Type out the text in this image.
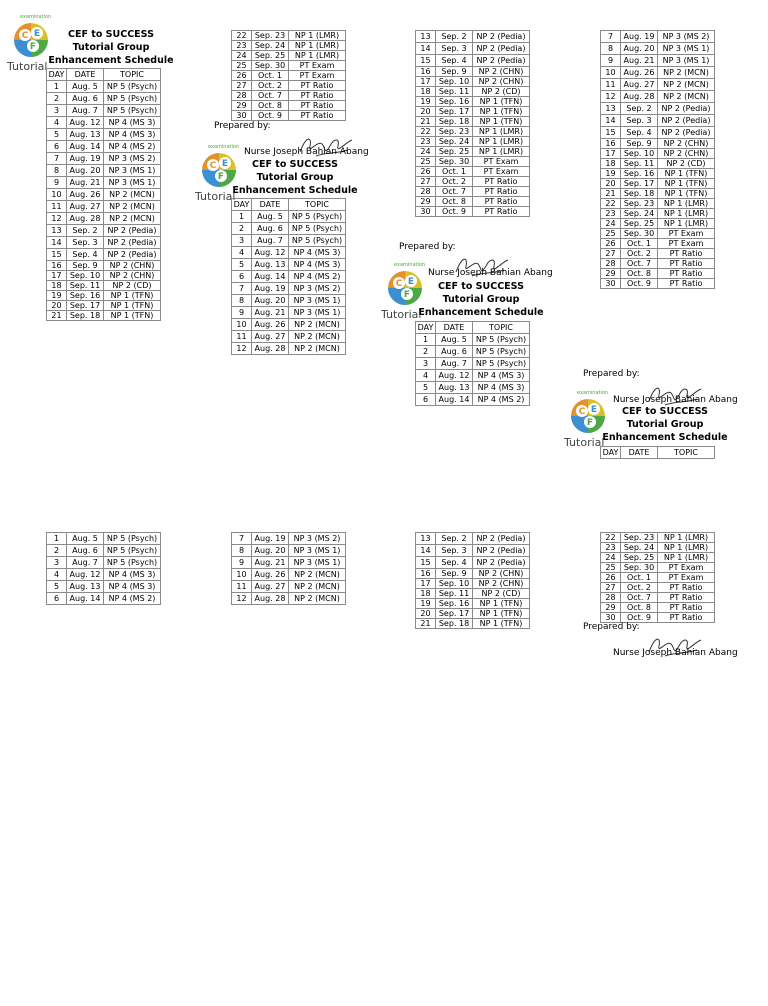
C E
F
examination
Tutorial
CEF to SUCCESS
Tutorial Group
Enhancement Schedule
DAY	DATE	TOPIC
1	Aug. 5	NP 5 (Psych)
2	Aug. 6	NP 5 (Psych)
3	Aug. 7	NP 5 (Psych)
4	Aug. 12	NP 4 (MS 3)
5	Aug. 13	NP 4 (MS 3)
6	Aug. 14	NP 4 (MS 2)
7	Aug. 19	NP 3 (MS 2)
8	Aug. 20	NP 3 (MS 1)
9	Aug. 21	NP 3 (MS 1)
10	Aug. 26	NP 2 (MCN)
11	Aug. 27	NP 2 (MCN)
12	Aug. 28	NP 2 (MCN)
13	Sep. 2	NP 2 (Pedia)
14	Sep. 3	NP 2 (Pedia)
15	Sep. 4	NP 2 (Pedia)
16	Sep. 9	NP 2 (CHN)
17	Sep. 10	NP 2 (CHN)
18	Sep. 11	NP 2 (CD)
19	Sep. 16	NP 1 (TFN)
20	Sep. 17	NP 1 (TFN)
21	Sep. 18	NP 1 (TFN)
22	Sep. 23	NP 1 (LMR)
23	Sep. 24	NP 1 (LMR)
24	Sep. 25	NP 1 (LMR)
25	Sep. 30	PT Exam
26	Oct. 1	PT Exam
27	Oct. 2	PT Ratio
28	Oct. 7	PT Ratio
29	Oct. 8	PT Ratio
30	Oct. 9	PT Ratio
Prepared by:
Nurse Joseph Bahian Abang
C E
F
examination
Tutorial
CEF to SUCCESS
Tutorial Group
Enhancement Schedule
DAY	DATE	TOPIC
1	Aug. 5	NP 5 (Psych)
2	Aug. 6	NP 5 (Psych)
3	Aug. 7	NP 5 (Psych)
4	Aug. 12	NP 4 (MS 3)
5	Aug. 13	NP 4 (MS 3)
6	Aug. 14	NP 4 (MS 2)
7	Aug. 19	NP 3 (MS 2)
8	Aug. 20	NP 3 (MS 1)
9	Aug. 21	NP 3 (MS 1)
10	Aug. 26	NP 2 (MCN)
11	Aug. 27	NP 2 (MCN)
12	Aug. 28	NP 2 (MCN)
13	Sep. 2	NP 2 (Pedia)
14	Sep. 3	NP 2 (Pedia)
15	Sep. 4	NP 2 (Pedia)
16	Sep. 9	NP 2 (CHN)
17	Sep. 10	NP 2 (CHN)
18	Sep. 11	NP 2 (CD)
19	Sep. 16	NP 1 (TFN)
20	Sep. 17	NP 1 (TFN)
21	Sep. 18	NP 1 (TFN)
22	Sep. 23	NP 1 (LMR)
23	Sep. 24	NP 1 (LMR)
24	Sep. 25	NP 1 (LMR)
25	Sep. 30	PT Exam
26	Oct. 1	PT Exam
27	Oct. 2	PT Ratio
28	Oct. 7	PT Ratio
29	Oct. 8	PT Ratio
30	Oct. 9	PT Ratio
Prepared by:
Nurse Joseph Bahian Abang
C E
F
examination
Tutorial
CEF to SUCCESS
Tutorial Group
Enhancement Schedule
DAY	DATE	TOPIC
1	Aug. 5	NP 5 (Psych)
2	Aug. 6	NP 5 (Psych)
3	Aug. 7	NP 5 (Psych)
4	Aug. 12	NP 4 (MS 3)
5	Aug. 13	NP 4 (MS 3)
6	Aug. 14	NP 4 (MS 2)
7	Aug. 19	NP 3 (MS 2)
8	Aug. 20	NP 3 (MS 1)
9	Aug. 21	NP 3 (MS 1)
10	Aug. 26	NP 2 (MCN)
11	Aug. 27	NP 2 (MCN)
12	Aug. 28	NP 2 (MCN)
13	Sep. 2	NP 2 (Pedia)
14	Sep. 3	NP 2 (Pedia)
15	Sep. 4	NP 2 (Pedia)
16	Sep. 9	NP 2 (CHN)
17	Sep. 10	NP 2 (CHN)
18	Sep. 11	NP 2 (CD)
19	Sep. 16	NP 1 (TFN)
20	Sep. 17	NP 1 (TFN)
21	Sep. 18	NP 1 (TFN)
22	Sep. 23	NP 1 (LMR)
23	Sep. 24	NP 1 (LMR)
24	Sep. 25	NP 1 (LMR)
25	Sep. 30	PT Exam
26	Oct. 1	PT Exam
27	Oct. 2	PT Ratio
28	Oct. 7	PT Ratio
29	Oct. 8	PT Ratio
30	Oct. 9	PT Ratio
Prepared by:
Nurse Joseph Bahian Abang
C E
F
examination
Tutorial
CEF to SUCCESS
Tutorial Group
Enhancement Schedule
DAY	DATE	TOPIC
1	Aug. 5	NP 5 (Psych)
2	Aug. 6	NP 5 (Psych)
3	Aug. 7	NP 5 (Psych)
4	Aug. 12	NP 4 (MS 3)
5	Aug. 13	NP 4 (MS 3)
6	Aug. 14	NP 4 (MS 2)
7	Aug. 19	NP 3 (MS 2)
8	Aug. 20	NP 3 (MS 1)
9	Aug. 21	NP 3 (MS 1)
10	Aug. 26	NP 2 (MCN)
11	Aug. 27	NP 2 (MCN)
12	Aug. 28	NP 2 (MCN)
13	Sep. 2	NP 2 (Pedia)
14	Sep. 3	NP 2 (Pedia)
15	Sep. 4	NP 2 (Pedia)
16	Sep. 9	NP 2 (CHN)
17	Sep. 10	NP 2 (CHN)
18	Sep. 11	NP 2 (CD)
19	Sep. 16	NP 1 (TFN)
20	Sep. 17	NP 1 (TFN)
21	Sep. 18	NP 1 (TFN)
22	Sep. 23	NP 1 (LMR)
23	Sep. 24	NP 1 (LMR)
24	Sep. 25	NP 1 (LMR)
25	Sep. 30	PT Exam
26	Oct. 1	PT Exam
27	Oct. 2	PT Ratio
28	Oct. 7	PT Ratio
29	Oct. 8	PT Ratio
30	Oct. 9	PT Ratio
Prepared by:
Nurse Joseph Bahian Abang
